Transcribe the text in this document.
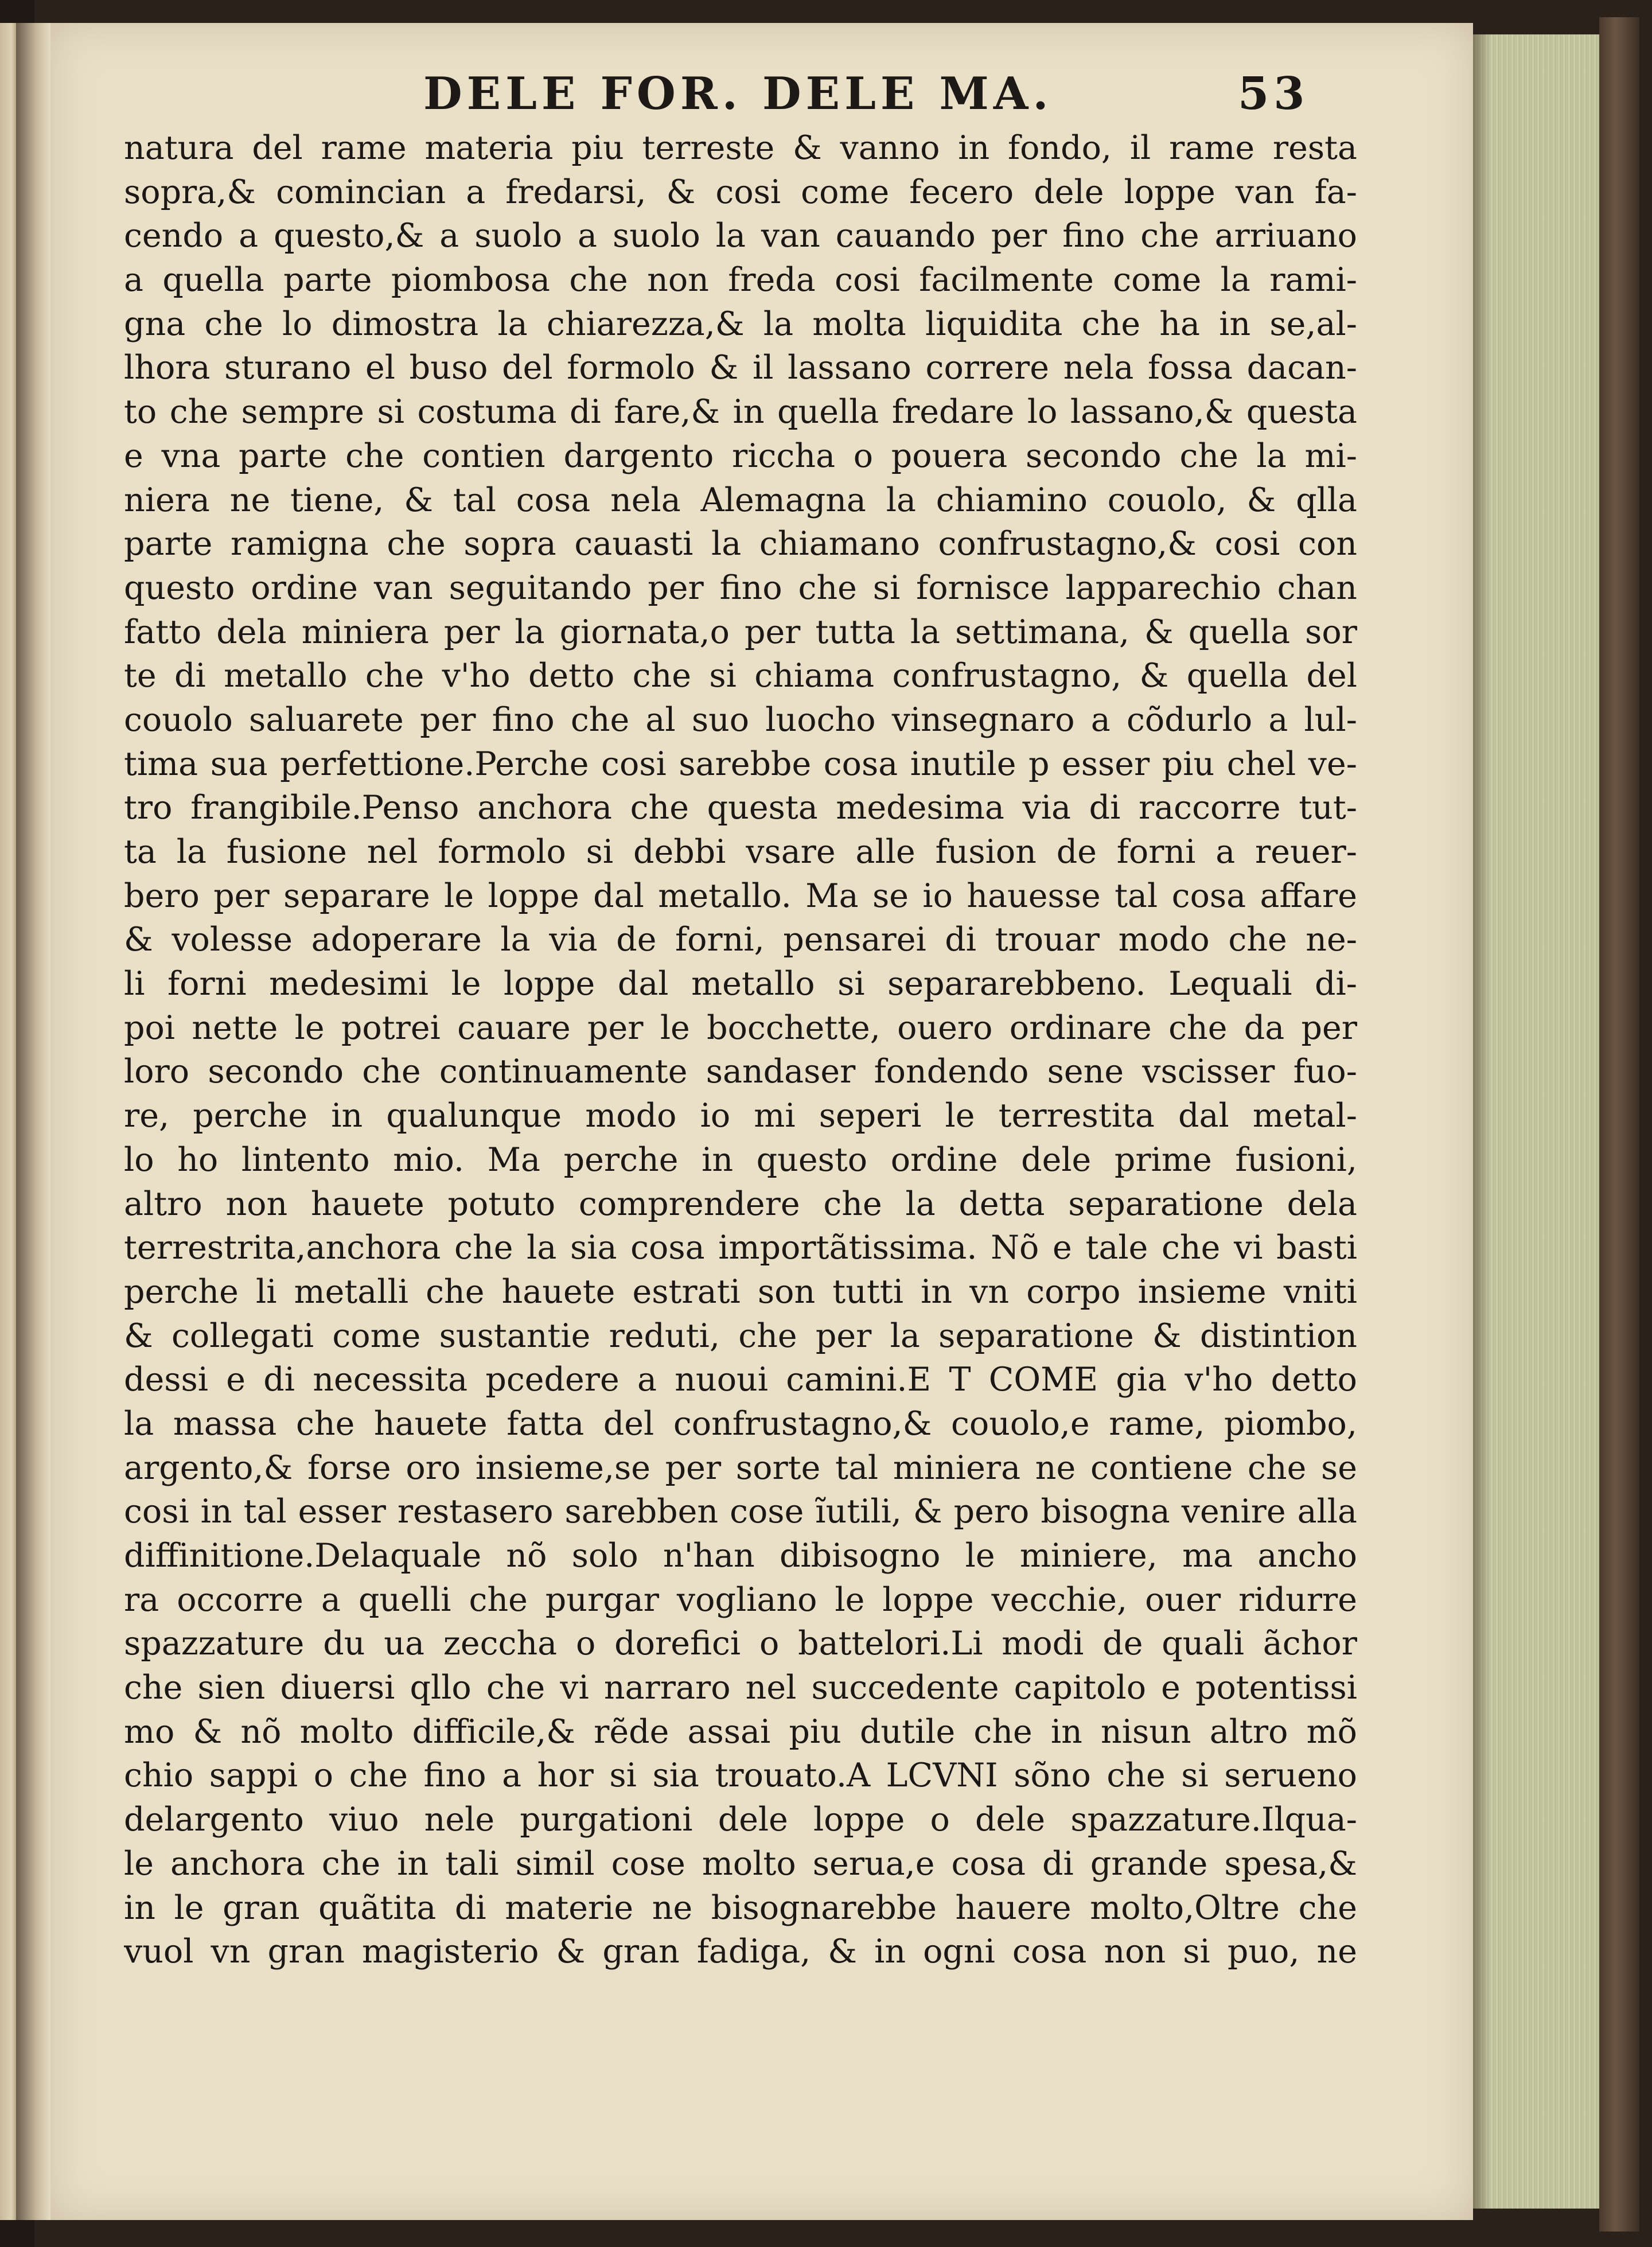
DELE FOR. DELE MA.	53
natura del rame materia piu terreste & vanno in fondo, il rame resta
sopra,& comincian a fredarsi, & cosi come fecero dele loppe van fa-
cendo a questo,& a suolo a suolo la van cauando per fino che arriuano
a quella parte piombosa che non freda cosi facilmente come la rami-
gna che lo dimostra la chiarezza,& la molta liquidita che ha in se,al-
lhora sturano el buso del formolo & il lassano correre nela fossa dacan-
to che sempre si costuma di fare,& in quella fredare lo lassano,& questa
e vna parte che contien dargento riccha o pouera secondo che la mi-
niera ne tiene, & tal cosa nela Alemagna la chiamino couolo, & qlla
parte ramigna che sopra cauasti la chiamano confrustagno,& cosi con
questo ordine van seguitando per fino che si fornisce lapparechio chan
fatto dela miniera per la giornata,o per tutta la settimana, & quella sor
te di metallo che v'ho detto che si chiama confrustagno, & quella del
couolo saluarete per fino che al suo luocho vinsegnaro a cõdurlo a lul-
tima sua perfettione.Perche cosi sarebbe cosa inutile p esser piu chel ve-
tro frangibile.Penso anchora che questa medesima via di raccorre tut-
ta la fusione nel formolo si debbi vsare alle fusion de forni a reuer-
bero per separare le loppe dal metallo. Ma se io hauesse tal cosa affare
& volesse adoperare la via de forni, pensarei di trouar modo che ne-
li forni medesimi le loppe dal metallo si separarebbeno. Lequali di-
poi nette le potrei cauare per le bocchette, ouero ordinare che da per
loro secondo che continuamente sandaser fondendo sene vscisser fuo-
re, perche in qualunque modo io mi seperi le terrestita dal metal-
lo ho lintento mio. Ma perche in questo ordine dele prime fusioni,
altro non hauete potuto comprendere che la detta separatione dela
terrestrita,anchora che la sia cosa importãtissima. Nõ e tale che vi basti
perche li metalli che hauete estrati son tutti in vn corpo insieme vniti
& collegati come sustantie reduti, che per la separatione & distintion
dessi e di necessita pcedere a nuoui camini.E T COME gia v'ho detto
la massa che hauete fatta del confrustagno,& couolo,e rame, piombo,
argento,& forse oro insieme,se per sorte tal miniera ne contiene che se
cosi in tal esser restasero sarebben cose ĩutili, & pero bisogna venire alla
diffinitione.Delaquale nõ solo n'han dibisogno le miniere, ma ancho
ra occorre a quelli che purgar vogliano le loppe vecchie, ouer ridurre
spazzature du ua zeccha o dorefici o battelori.Li modi de quali ãchor
che sien diuersi qllo che vi narraro nel succedente capitolo e potentissi
mo & nõ molto difficile,& rẽde assai piu dutile che in nisun altro mõ
chio sappi o che fino a hor si sia trouato.A LCVNI sõno che si serueno
delargento viuo nele purgationi dele loppe o dele spazzature.Ilqua-
le anchora che in tali simil cose molto serua,e cosa di grande spesa,&
in le gran quãtita di materie ne bisognarebbe hauere molto,Oltre che
vuol vn gran magisterio & gran fadiga, & in ogni cosa non si puo, ne
